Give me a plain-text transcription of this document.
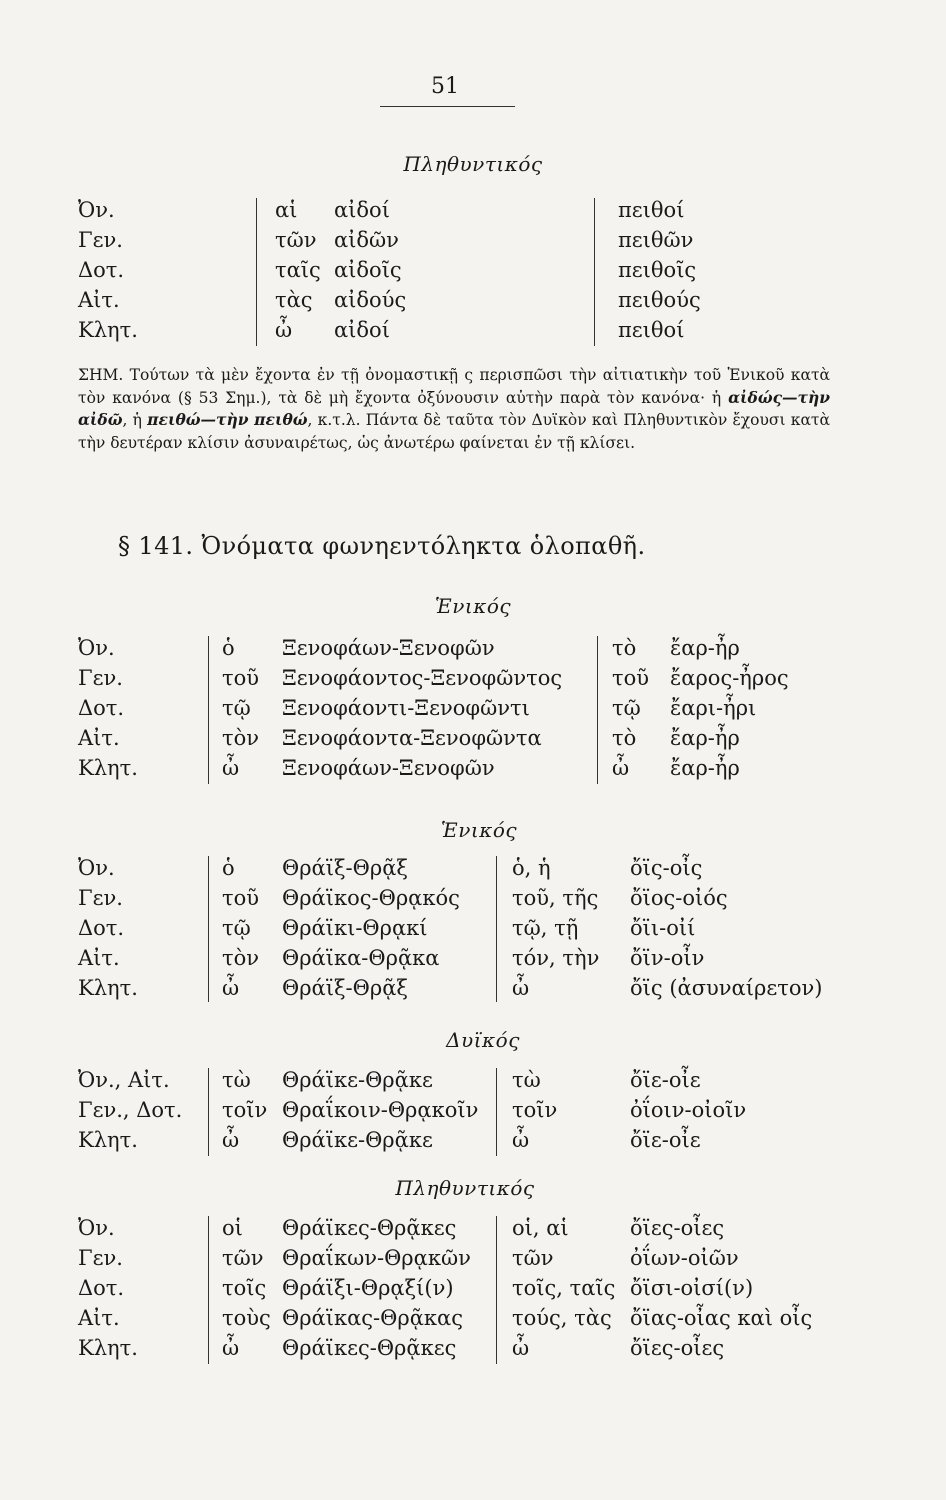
51
Πληθυντικός
Ὀν.
Γεν.
Δοτ.
Αἰτ.
Κλητ.
αἱ
τῶν
ταῖς
τὰς
ὦ
αἰδοί
αἰδῶν
αἰδοῖς
αἰδούς
αἰδοί
πειθοί
πειθῶν
πειθοῖς
πειθούς
πειθοί
ΣΗΜ. Τούτων τὰ μὲν ἔχοντα ἐν τῇ ὀνομαστικῇ ς περισπῶσι τὴν αἰτιατικὴν τοῦ Ἑνικοῦ κατὰ τὸν κανόνα (§ 53 Σημ.), τὰ δὲ μὴ ἔχοντα ὀξύνουσιν αὐτὴν παρὰ τὸν κανόνα· ἡ αἰδώς—τὴν αἰδῶ, ἡ πειθώ—τὴν πειθώ, κ.τ.λ. Πάντα δὲ ταῦτα τὸν Δυϊκὸν καὶ Πληθυντικὸν ἔχουσι κατὰ τὴν δευτέραν κλίσιν ἀσυναιρέτως, ὡς ἀνωτέρω φαίνεται ἐν τῇ κλίσει.
§ 141. Ὀνόματα φωνηεντόληκτα ὁλοπαθῆ.
Ἑνικός
Ὀν.
Γεν.
Δοτ.
Αἰτ.
Κλητ.
ὁ
τοῦ
τῷ
τὸν
ὦ
Ξενοφάων-Ξενοφῶν
Ξενοφάοντος-Ξενοφῶντος
Ξενοφάοντι-Ξενοφῶντι
Ξενοφάοντα-Ξενοφῶντα
Ξενοφάων-Ξενοφῶν
τὸ
τοῦ
τῷ
τὸ
ὦ
ἔαρ-ἦρ
ἔαρος-ἦρος
ἔαρι-ἦρι
ἔαρ-ἦρ
ἔαρ-ἦρ
Ἑνικός
Ὀν.
Γεν.
Δοτ.
Αἰτ.
Κλητ.
ὁ
τοῦ
τῷ
τὸν
ὦ
Θράϊξ-Θρᾷξ
Θράϊκος-Θρᾳκός
Θράϊκι-Θρᾳκί
Θράϊκα-Θρᾷκα
Θράϊξ-Θρᾷξ
ὁ, ἡ
τοῦ, τῆς
τῷ, τῇ
τόν, τὴν
ὦ
ὄϊς-οἶς
ὄϊος-οἰός
ὄϊι-οἰί
ὄϊν-οἶν
ὄϊς (ἀσυναίρετον)
Δυϊκός
Ὀν., Αἰτ.
Γεν., Δοτ.
Κλητ.
τὼ
τοῖν
ὦ
Θράϊκε-Θρᾷκε
Θραΐκοιν-Θρᾳκοῖν
Θράϊκε-Θρᾷκε
τὼ
τοῖν
ὦ
ὄϊε-οἶε
ὀΐοιν-οἰοῖν
ὄϊε-οἶε
Πληθυντικός
Ὀν.
Γεν.
Δοτ.
Αἰτ.
Κλητ.
οἱ
τῶν
τοῖς
τοὺς
ὦ
Θράϊκες-Θρᾷκες
Θραΐκων-Θρᾳκῶν
Θράϊξι-Θρᾳξί(ν)
Θράϊκας-Θρᾷκας
Θράϊκες-Θρᾷκες
οἱ, αἱ
τῶν
τοῖς, ταῖς
τούς, τὰς
ὦ
ὄϊες-οἶες
ὀΐων-οἰῶν
ὄϊσι-οἰσί(ν)
ὄϊας-οἶας καὶ οἶς
ὄϊες-οἶες
